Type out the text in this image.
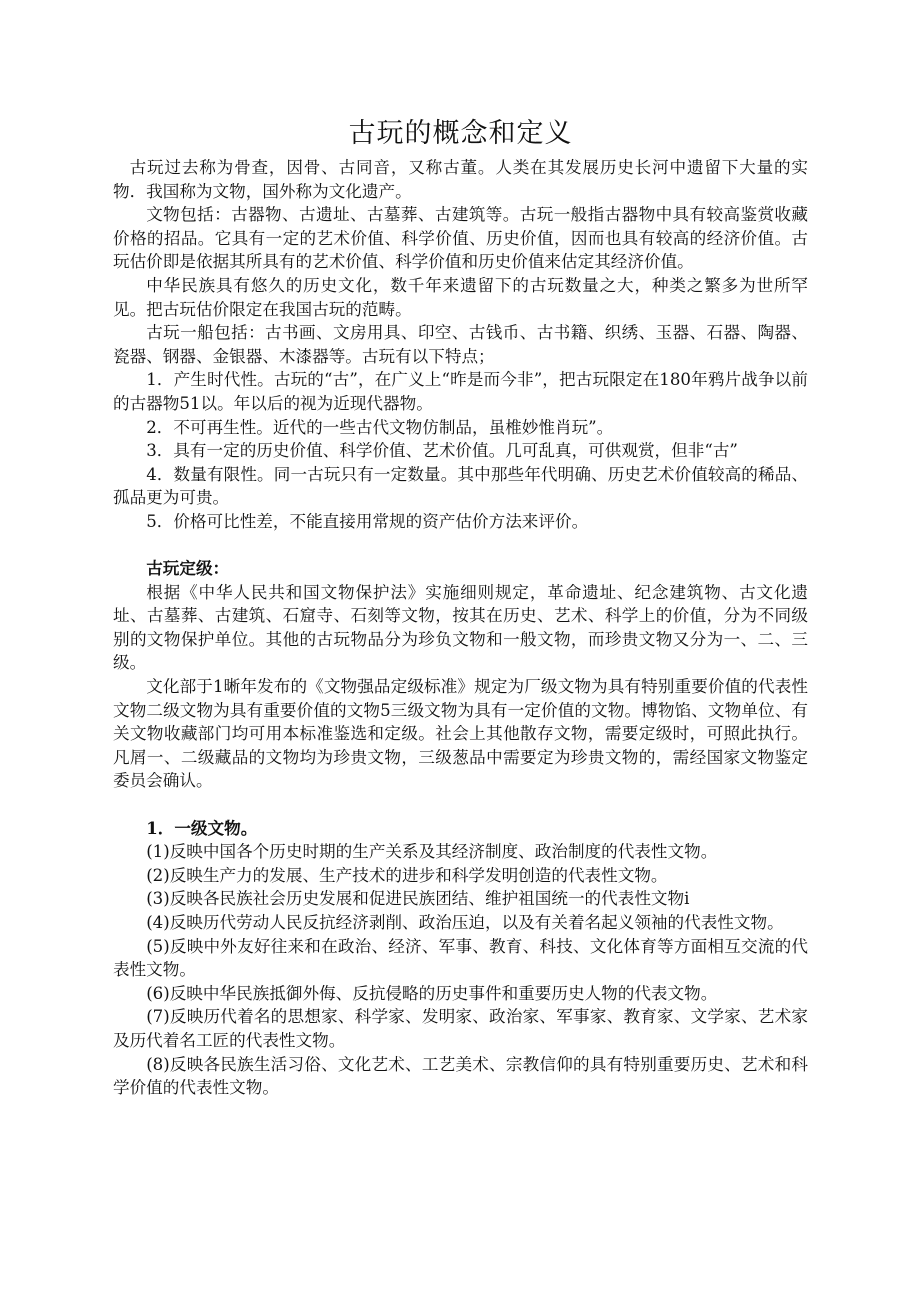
古玩的概念和定义

古玩过去称为骨查，因骨、古同音，又称古董。人类在其发展历史长河中遗留下大量的实物．我国称为文物，国外称为文化遗产。

文物包括：古器物、古遗址、古墓葬、古建筑等。古玩一般指古器物中具有较高鉴赏收藏价格的招品。它具有一定的艺术价值、科学价值、历史价值，因而也具有较高的经济价值。古玩估价即是依据其所具有的艺术价值、科学价值和历史价值来估定其经济价值。

中华民族具有悠久的历史文化，数千年来遗留下的古玩数量之大，种类之繁多为世所罕见。把古玩估价限定在我国古玩的范畴。

古玩一船包括：古书画、文房用具、印空、古钱币、古书籍、织绣、玉器、石器、陶器、瓷器、钢器、金银器、木漆器等。古玩有以下特点；

1．产生时代性。古玩的“古”，在广义上“昨是而今非”，把古玩限定在180年鸦片战争以前的古器物51以。年以后的视为近现代器物。

2．不可再生性。近代的一些古代文物仿制品，虽椎妙惟肖玩”。

3．具有一定的历史价值、科学价值、艺术价值。几可乱真，可供观赏，但非“古”

4．数量有限性。同一古玩只有一定数量。其中那些年代明确、历史艺术价值较高的稀品、孤品更为可贵。

5．价格可比性差，不能直接用常规的资产估价方法来评价。

古玩定级：

根据《中华人民共和国文物保护法》实施细则规定，革命遗址、纪念建筑物、古文化遗址、古墓葬、古建筑、石窟寺、石刻等文物，按其在历史、艺术、科学上的价值，分为不同级别的文物保护单位。其他的古玩物品分为珍负文物和一般文物，而珍贵文物又分为一、二、三级。

文化部于1晰年发布的《文物强品定级标准》规定为厂级文物为具有特别重要价值的代表性文物二级文物为具有重要价值的文物5三级文物为具有一定价值的文物。博物馅、文物单位、有关文物收藏部门均可用本标准鉴选和定级。社会上其他散存文物，需要定级时，可照此执行。凡屑一、二级藏品的文物均为珍贵文物，三级葱品中需要定为珍贵文物的，需经国家文物鉴定委员会确认。

1．一级文物。

(1)反映中国各个历史时期的生产关系及其经济制度、政治制度的代表性文物。

(2)反映生产力的发展、生产技术的进步和科学发明创造的代表性文物。

(3)反映各民族社会历史发展和促进民族团结、维护祖国统一的代表性文物i

(4)反映历代劳动人民反抗经济剥削、政治压迫，以及有关着名起义领袖的代表性文物。

(5)反映中外友好往来和在政治、经济、军事、教育、科技、文化体育等方面相互交流的代表性文物。

(6)反映中华民族抵御外侮、反抗侵略的历史事件和重要历史人物的代表文物。

(7)反映历代着名的思想家、科学家、发明家、政治家、军事家、教育家、文学家、艺术家及历代着名工匠的代表性文物。

(8)反映各民族生活习俗、文化艺术、工艺美术、宗教信仰的具有特别重要历史、艺术和科学价值的代表性文物。
